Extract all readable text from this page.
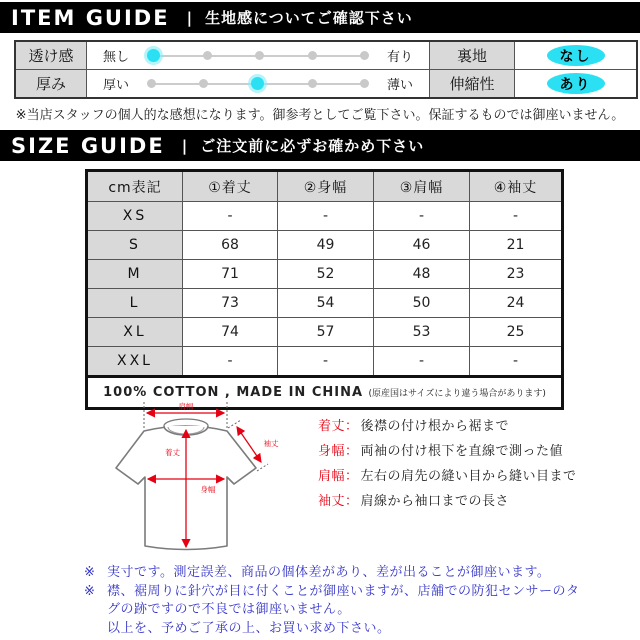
ITEM GUIDE | 生地感についてご確認下さい
透け感	無し	有り	裏地	なし
厚み	厚い	薄い	伸縮性	あり
※当店スタッフの個人的な感想になります。御参考としてご覧下さい。保証するものでは御座いません。
SIZE GUIDE | ご注文前に必ずお確かめ下さい
cm表記	①着丈	②身幅	③肩幅	④袖丈
XS	-	-	-	-
S	68	49	46	21
M	71	52	48	23
L	73	54	50	24
XL	74	57	53	25
XXL	-	-	-	-
100% COTTON , MADE IN CHINA (原産国はサイズにより違う場合があります)				
肩幅
着丈
身幅
袖丈
着丈： 後襟の付け根から裾まで
身幅： 両袖の付け根下を直線で測った値
肩幅： 左右の肩先の縫い目から縫い目まで
袖丈： 肩線から袖口までの長さ
※ 実寸です。測定誤差、商品の個体差があり、差が出ることが御座います。
※ 襟、裾周りに針穴が目に付くことが御座いますが、店舗での防犯センサーのタ
グの跡ですので不良では御座いません。
以上を、予めご了承の上、お買い求め下さい。
